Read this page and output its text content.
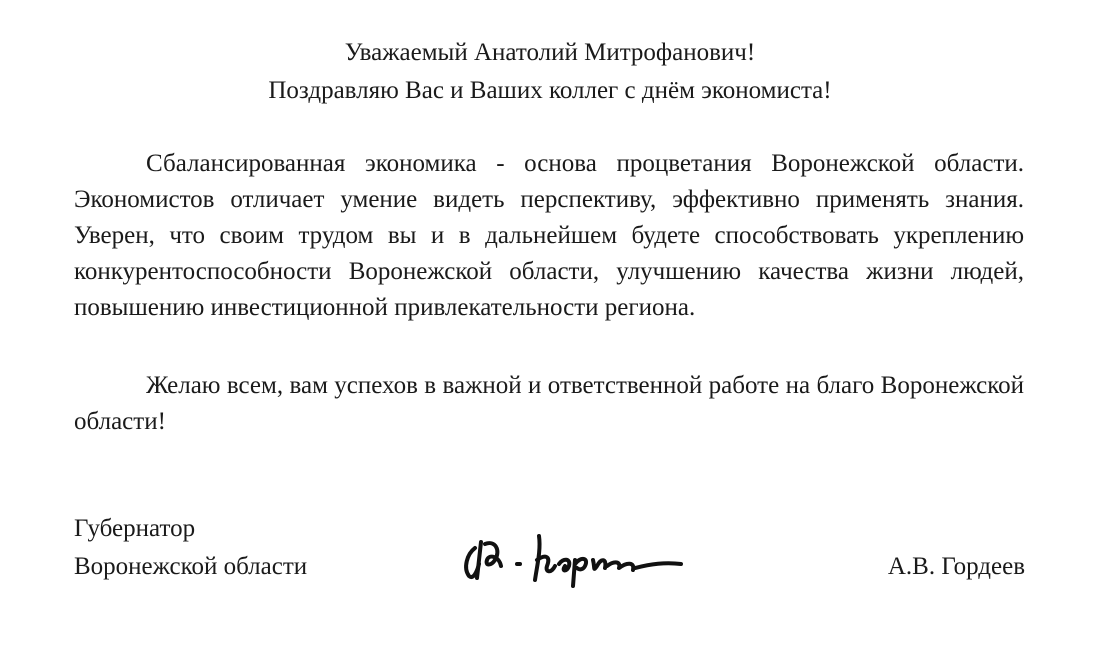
Уважаемый Анатолий Митрофанович!

Поздравляю Вас и Ваших коллег с днём экономиста!

Сбалансированная экономика - основа процветания Воронежской области. Экономистов отличает умение видеть перспективу, эффективно применять знания. Уверен, что своим трудом вы и в дальнейшем будете способствовать укреплению конкурентоспособности Воронежской области, улучшению качества жизни людей, повышению инвестиционной привлекательности региона.

Желаю всем, вам успехов в важной и ответственной работе на благо Воронежской области!

Губернатор
Воронежской области	А.В. Гордеев
